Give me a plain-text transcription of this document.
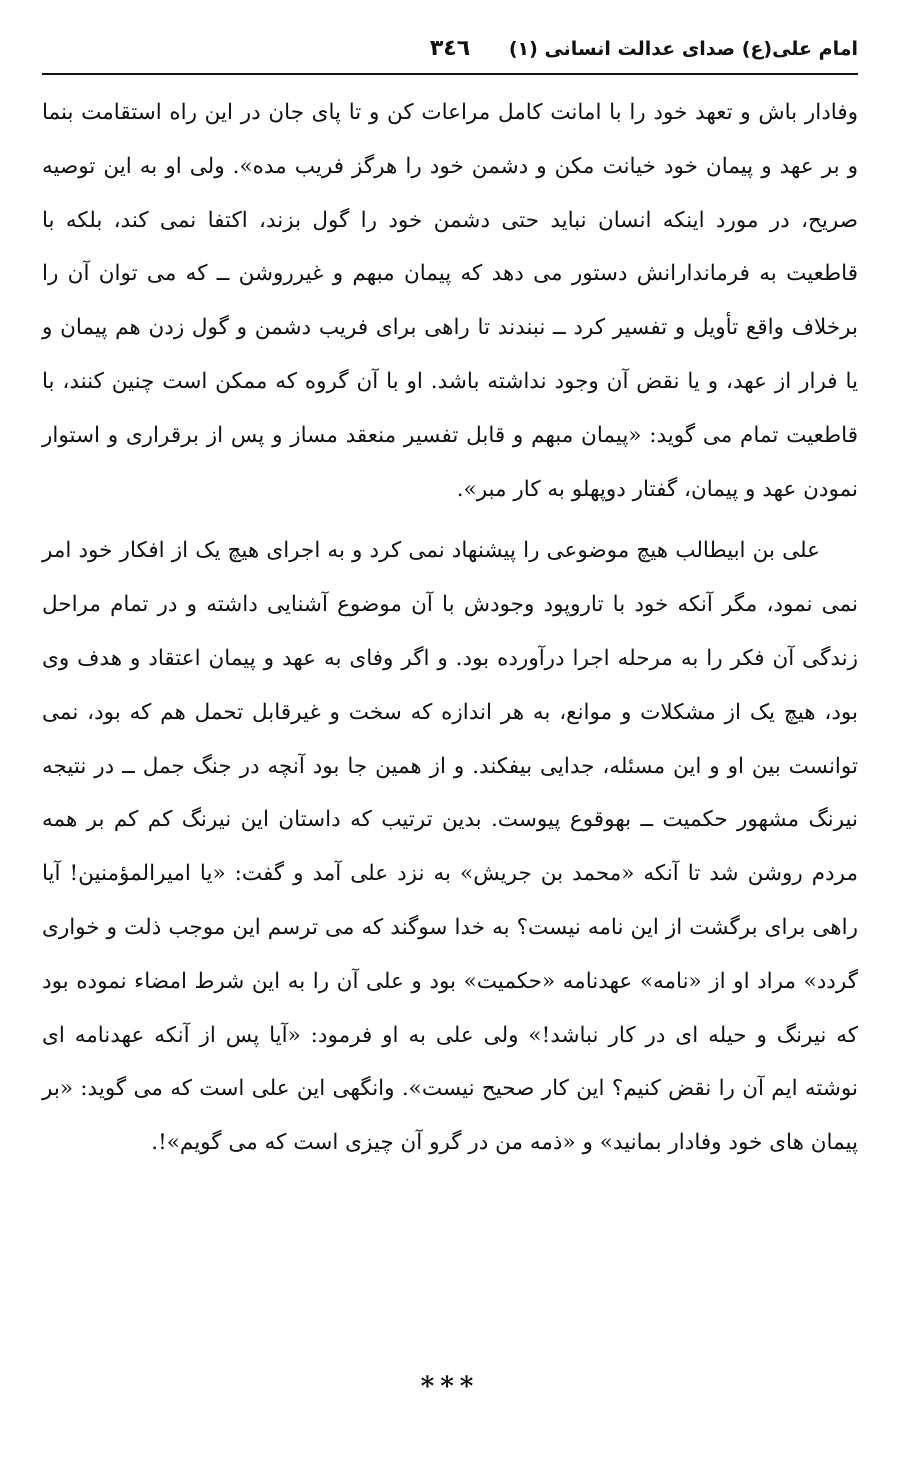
امام علی(ع) صدای عدالت انسانی (۱)
۳٤٦

وفادار باش و تعهد خود را با امانت کامل مراعات کن و تا پای جان در این راه استقامت بنما و بر عهد و پیمان خود خیانت مکن و دشمن خود را هرگز فریب مده». ولی او به این توصیه صریح، در مورد اینکه انسان نباید حتی دشمن خود را گول بزند، اکتفا نمی کند، بلکه با قاطعیت به فرماندارانش دستور می دهد که پیمان مبهم و غیرروشن ــ که می توان آن را برخلاف واقع تأویل و تفسیر کرد ــ نبندند تا راهی برای فریب دشمن و گول زدن هم پیمان و یا فرار از عهد، و یا نقض آن وجود نداشته باشد. او با آن گروه که ممکن است چنین کنند، با قاطعیت تمام می گوید: «پیمان مبهم و قابل تفسیر منعقد مساز و پس از برقراری و استوار نمودن عهد و پیمان، گفتار دوپهلو به کار مبر».

علی بن ابیطالب هیچ موضوعی را پیشنهاد نمی کرد و به اجرای هیچ یک از افکار خود امر نمی نمود، مگر آنکه خود با تاروپود وجودش با آن موضوع آشنایی داشته و در تمام مراحل زندگی آن فکر را به مرحله اجرا درآورده بود. و اگر وفای به عهد و پیمان اعتقاد و هدف وی بود، هیچ یک از مشکلات و موانع، به هر اندازه که سخت و غیرقابل تحمل هم که بود، نمی توانست بین او و این مسئله، جدایی بیفکند. و از همین جا بود آنچه در جنگ جمل ــ در نتیجه نیرنگ مشهور حکمیت ــ بهوقوع پیوست. بدین ترتیب که داستان این نیرنگ کم کم بر همه مردم روشن شد تا آنکه «محمد بن جریش» به نزد علی آمد و گفت: «یا امیرالمؤمنین! آیا راهی برای برگشت از این نامه نیست؟ به خدا سوگند که می ترسم این موجب ذلت و خواری گردد» مراد او از «نامه» عهدنامه «حکمیت» بود و علی آن را به این شرط امضاء نموده بود که نیرنگ و حیله ای در کار نباشد!» ولی علی به او فرمود: «آیا پس از آنکه عهدنامه ای نوشته ایم آن را نقض کنیم؟ این کار صحیح نیست». وانگهی این علی است که می گوید: «بر پیمان های خود وفادار بمانید» و «ذمه من در گرو آن چیزی است که می گویم»!.

***
